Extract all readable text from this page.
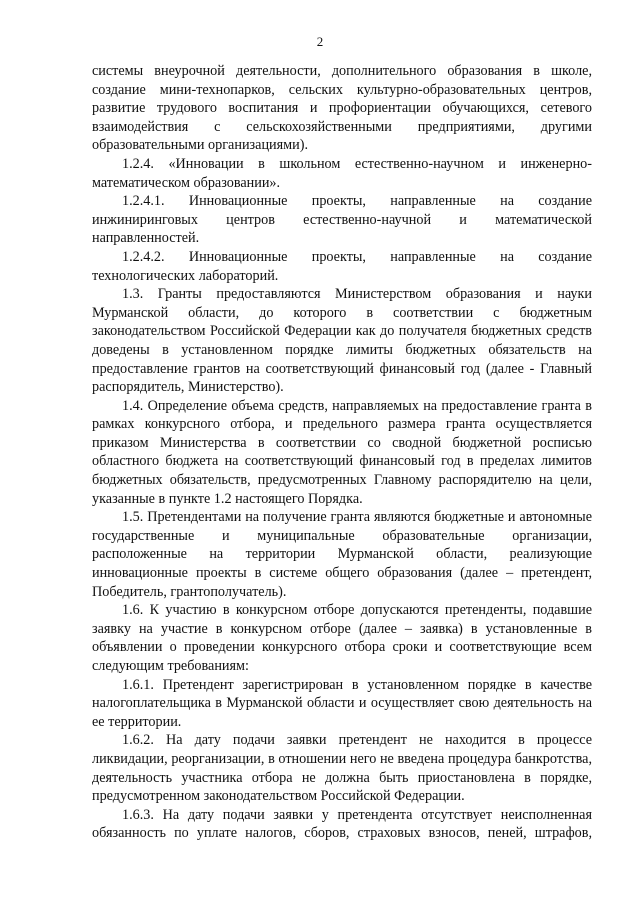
2

системы внеурочной деятельности, дополнительного образования в школе, создание мини-технопарков, сельских культурно-образовательных центров, развитие трудового воспитания и профориентации обучающихся, сетевого взаимодействия с сельскохозяйственными предприятиями, другими образовательными организациями).

1.2.4. «Инновации в школьном естественно-научном и инженерно-математическом образовании».

1.2.4.1. Инновационные проекты, направленные на создание инжиниринговых центров естественно-научной и математической направленностей.

1.2.4.2. Инновационные проекты, направленные на создание технологических лабораторий.

1.3. Гранты предоставляются Министерством образования и науки Мурманской области, до которого в соответствии с бюджетным законодательством Российской Федерации как до получателя бюджетных средств доведены в установленном порядке лимиты бюджетных обязательств на предоставление грантов на соответствующий финансовый год (далее - Главный распорядитель, Министерство).

1.4. Определение объема средств, направляемых на предоставление гранта в рамках конкурсного отбора, и предельного размера гранта осуществляется приказом Министерства в соответствии со сводной бюджетной росписью областного бюджета на соответствующий финансовый год в пределах лимитов бюджетных обязательств, предусмотренных Главному распорядителю на цели, указанные в пункте 1.2 настоящего Порядка.

1.5. Претендентами на получение гранта являются бюджетные и автономные государственные и муниципальные образовательные организации, расположенные на территории Мурманской области, реализующие инновационные проекты в системе общего образования (далее – претендент, Победитель, грантополучатель).

1.6. К участию в конкурсном отборе допускаются претенденты, подавшие заявку на участие в конкурсном отборе (далее – заявка) в установленные в объявлении о проведении конкурсного отбора сроки и соответствующие всем следующим требованиям:

1.6.1. Претендент зарегистрирован в установленном порядке в качестве налогоплательщика в Мурманской области и осуществляет свою деятельность на ее территории.

1.6.2. На дату подачи заявки претендент не находится в процессе ликвидации, реорганизации, в отношении него не введена процедура банкротства, деятельность участника отбора не должна быть приостановлена в порядке, предусмотренном законодательством Российской Федерации.

1.6.3. На дату подачи заявки у претендента отсутствует неисполненная обязанность по уплате налогов, сборов, страховых взносов, пеней, штрафов,
